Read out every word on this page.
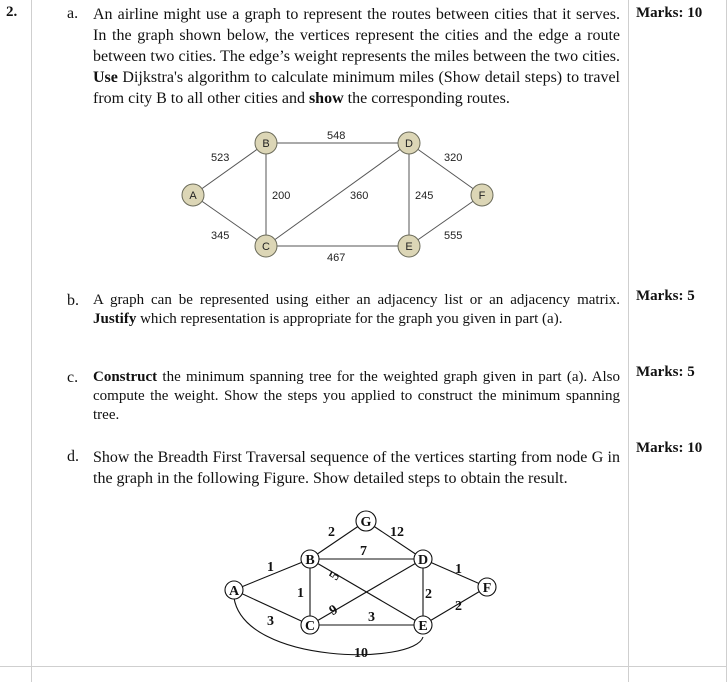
2.	a. An airline might use a graph to represent the routes between cities that it serves. In the graph shown below, the vertices represent the cities and the edge a route between two cities. The edge’s weight represents the miles between the two cities. Use Dijkstra's algorithm to calculate minimum miles (Show detail steps) to travel from city B to all other cities and show the corresponding routes.
Marks: 10
523
345
548
200	360
467
245
320
555
A
B
C
D
E
F
b. A graph can be represented using either an adjacency list or an adjacency matrix. Justify which representation is appropriate for the graph you given in part (a).
Marks: 5
c. Construct the minimum spanning tree for the weighted graph given in part (a). Also compute the weight. Show the steps you applied to construct the minimum spanning tree.
Marks: 5
d. Show the Breadth First Traversal sequence of the vertices starting from node G in the graph in the following Figure. Show detailed steps to obtain the result.
Marks: 10
1
3
1
2	12
7
5
9 3
2
1
2
10
A
B
C
G
D
E
F
